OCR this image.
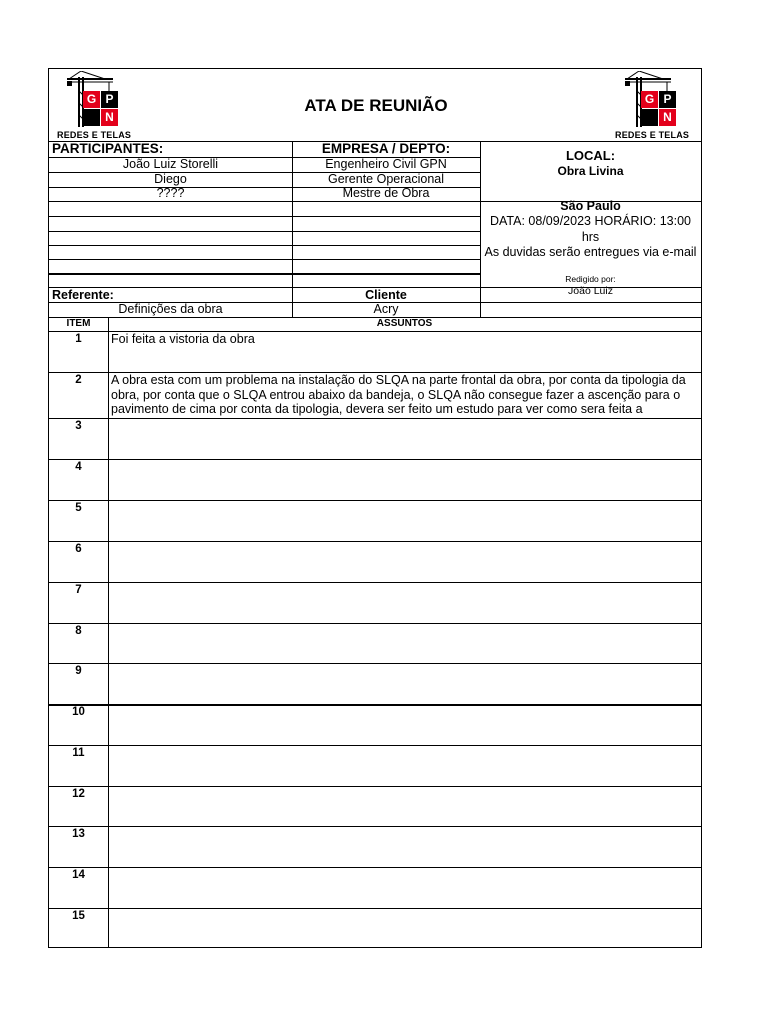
G P
N
REDES E TELAS
ATA DE REUNIÃO	G P
N
REDES E TELAS
PARTICIPANTES:	EMPRESA / DEPTO:
João Luiz Storelli	Engenheiro Civil GPN
Diego	Gerente Operacional
????	Mestre de Obra
LOCAL:
Obra Livina
São Paulo
DATA: 08/09/2023 HORÁRIO: 13:00
hrs
As duvidas serão entregues via e-mail
Redigido por:
João Luiz
Referente:	Cliente
Definições da obra	Acry
ITEM	ASSUNTOS
1	Foi feita a vistoria da obra
2	A obra esta com um problema na instalação do SLQA na parte frontal da obra, por conta da tipologia da obra, por conta que o SLQA entrou abaixo da bandeja, o SLQA não consegue fazer a ascenção para o pavimento de cima por conta da tipologia, devera ser feito um estudo para ver como sera feita a
3
4
5
6
7
8
9
10
11
12
13
14
15
